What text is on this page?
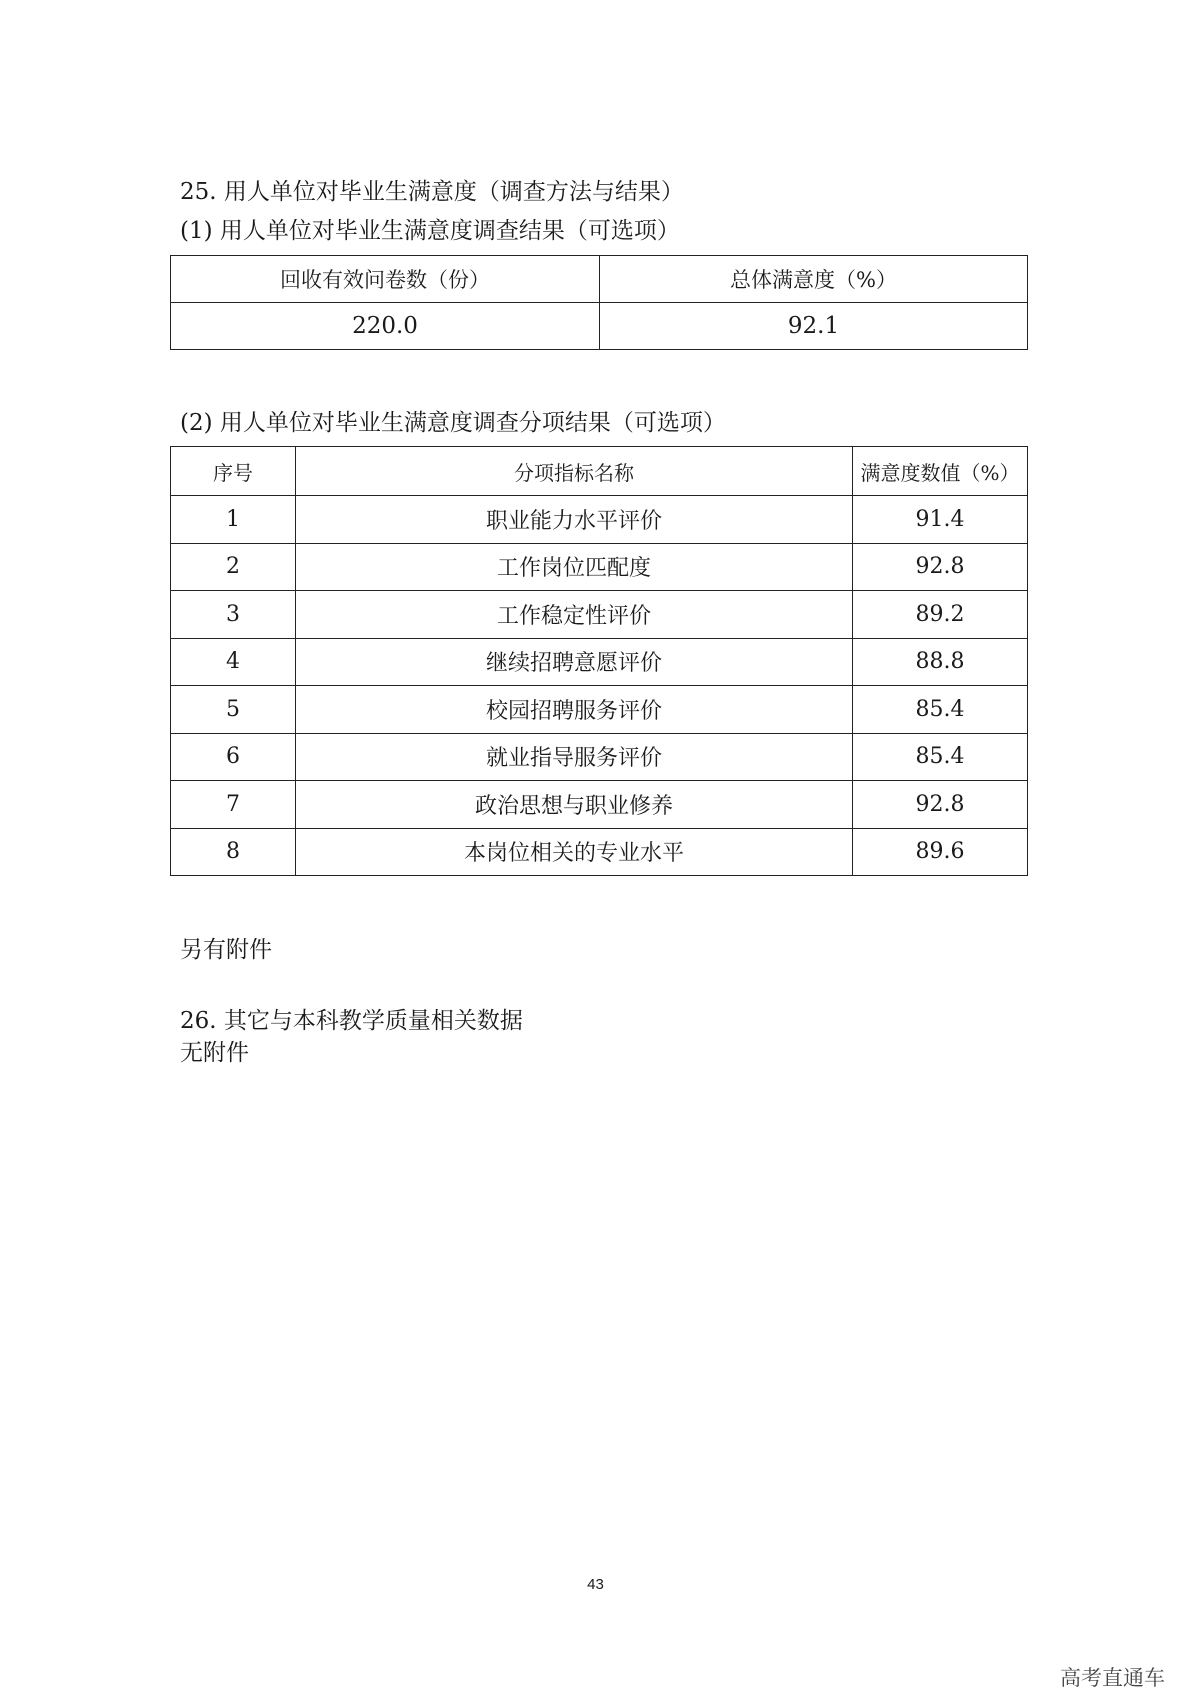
25. 用人单位对毕业生满意度（调查方法与结果）
(1) 用人单位对毕业生满意度调查结果（可选项）
回收有效问卷数（份）	总体满意度（%）
220.0	92.1
(2) 用人单位对毕业生满意度调查分项结果（可选项）
序号	分项指标名称	满意度数值（%）
1	职业能力水平评价	91.4
2	工作岗位匹配度	92.8
3	工作稳定性评价	89.2
4	继续招聘意愿评价	88.8
5	校园招聘服务评价	85.4
6	就业指导服务评价	85.4
7	政治思想与职业修养	92.8
8	本岗位相关的专业水平	89.6
另有附件
26. 其它与本科教学质量相关数据
无附件
43
高考直通车
